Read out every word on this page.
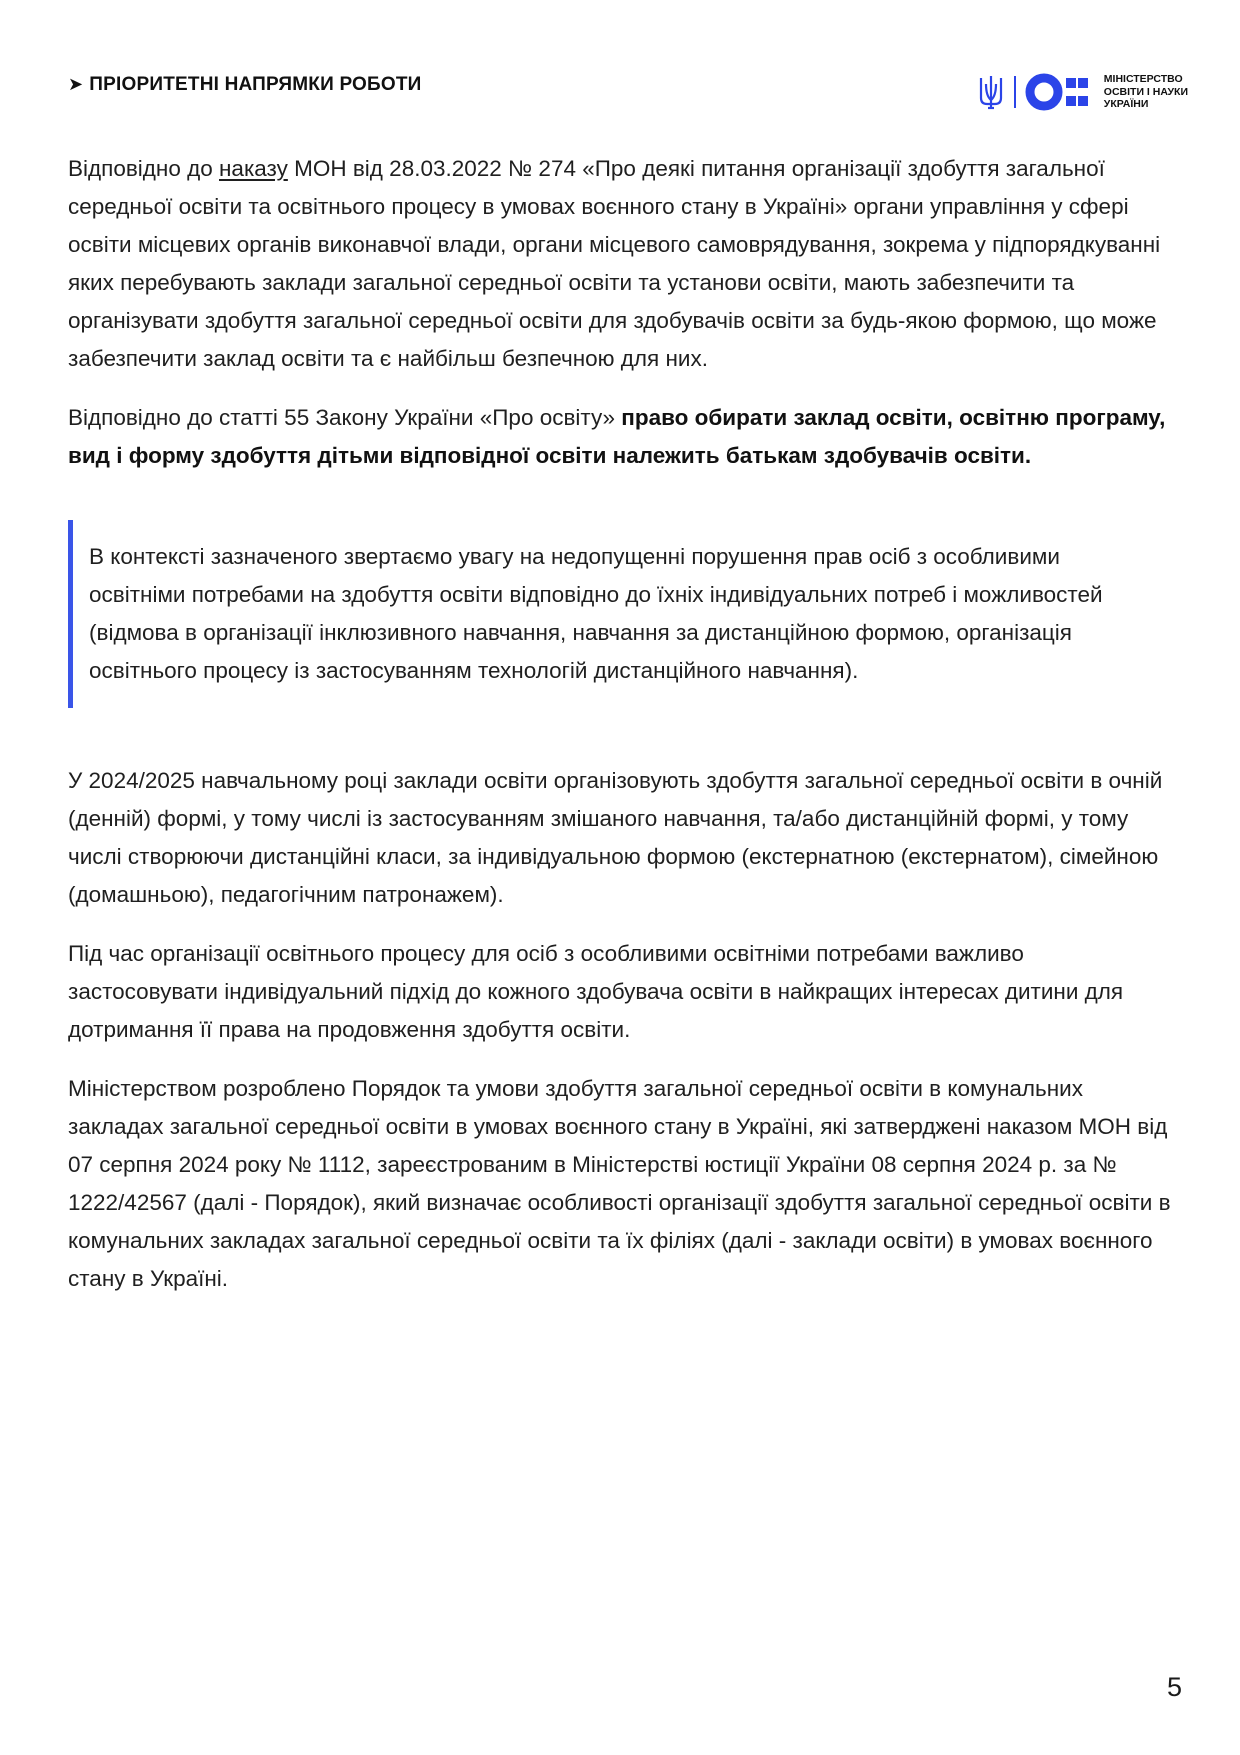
➤ ПРІОРИТЕТНІ НАПРЯМКИ РОБОТИ	МІНІСТЕРСТВО
ОСВІТИ І НАУКИ
УКРАЇНИ

Відповідно до наказу МОН від 28.03.2022 № 274 «Про деякі питання організації здобуття загальної середньої освіти та освітнього процесу в умовах воєнного стану в Україні» органи управління у сфері освіти місцевих органів виконавчої влади, органи місцевого самоврядування, зокрема у підпорядкуванні яких перебувають заклади загальної середньої освіти та установи освіти, мають забезпечити та організувати здобуття загальної середньої освіти для здобувачів освіти за будь-якою формою, що може забезпечити заклад освіти та є найбільш безпечною для них.

Відповідно до статті 55 Закону України «Про освіту» право обирати заклад освіти, освітню програму, вид і форму здобуття дітьми відповідної освіти належить батькам здобувачів освіти.

В контексті зазначеного звертаємо увагу на недопущенні порушення прав осіб з особливими освітніми потребами на здобуття освіти відповідно до їхніх індивідуальних потреб і можливостей (відмова в організації інклюзивного навчання, навчання за дистанційною формою, організація освітнього процесу із застосуванням технологій дистанційного навчання).

У 2024/2025 навчальному році заклади освіти організовують здобуття загальної середньої освіти в очній (денній) формі, у тому числі із застосуванням змішаного навчання, та/або дистанційній формі, у тому числі створюючи дистанційні класи, за індивідуальною формою (екстернатною (екстернатом), сімейною (домашньою), педагогічним патронажем).

Під час організації освітнього процесу для осіб з особливими освітніми потребами важливо застосовувати індивідуальний підхід до кожного здобувача освіти в найкращих інтересах дитини для дотримання її права на продовження здобуття освіти.

Міністерством розроблено Порядок та умови здобуття загальної середньої освіти в комунальних закладах загальної середньої освіти в умовах воєнного стану в Україні, які затверджені наказом МОН від 07 серпня 2024 року № 1112, зареєстрованим в Міністерстві юстиції України 08 серпня 2024 р. за № 1222/42567 (далі - Порядок), який визначає особливості організації здобуття загальної середньої освіти в комунальних закладах загальної середньої освіти та їх філіях (далі - заклади освіти) в умовах воєнного стану в Україні.

5
